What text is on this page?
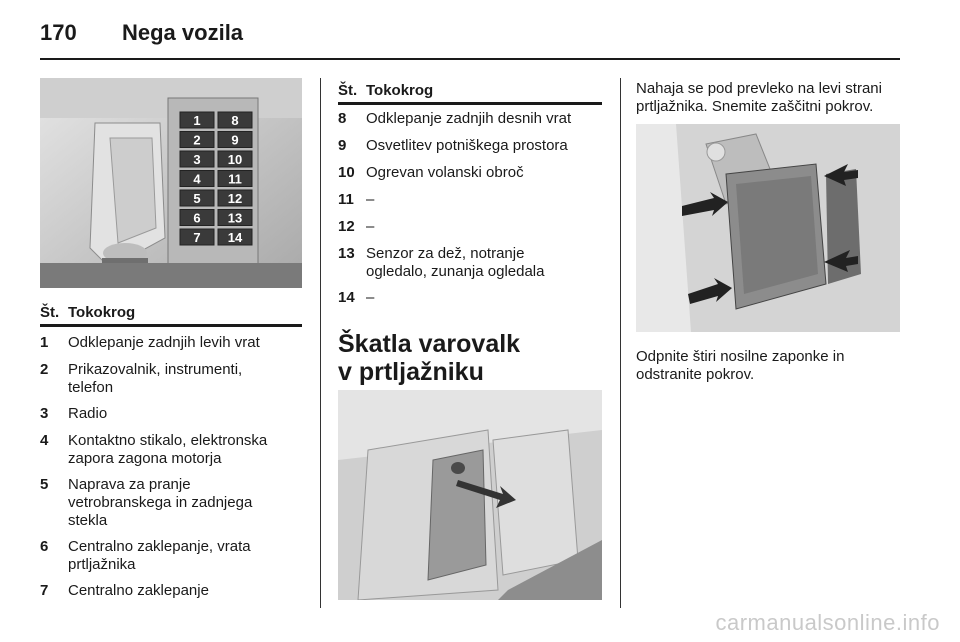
170 Nega vozila
1 8
2 9
3 10
4 11
5 12
6 13
7 14
Št. Tokokrog
1 Odklepanje zadnjih levih vrat
2 Prikazovalnik, instrumenti, telefon
3 Radio
4 Kontaktno stikalo, elektronska zapora zagona motorja
5 Naprava za pranje vetrobranskega in zadnjega stekla
6 Centralno zaklepanje, vrata prtljažnika
7 Centralno zaklepanje
Št. Tokokrog
8 Odklepanje zadnjih desnih vrat
9 Osvetlitev potniškega prostora
10 Ogrevan volanski obroč
11 –
12 –
13 Senzor za dež, notranje ogledalo, zunanja ogledala
14 –
Škatla varovalk
v prtljažniku
Nahaja se pod prevleko na levi strani prtljažnika. Snemite zaščitni pokrov.
Odpnite štiri nosilne zaponke in odstranite pokrov.
carmanualsonline.info
